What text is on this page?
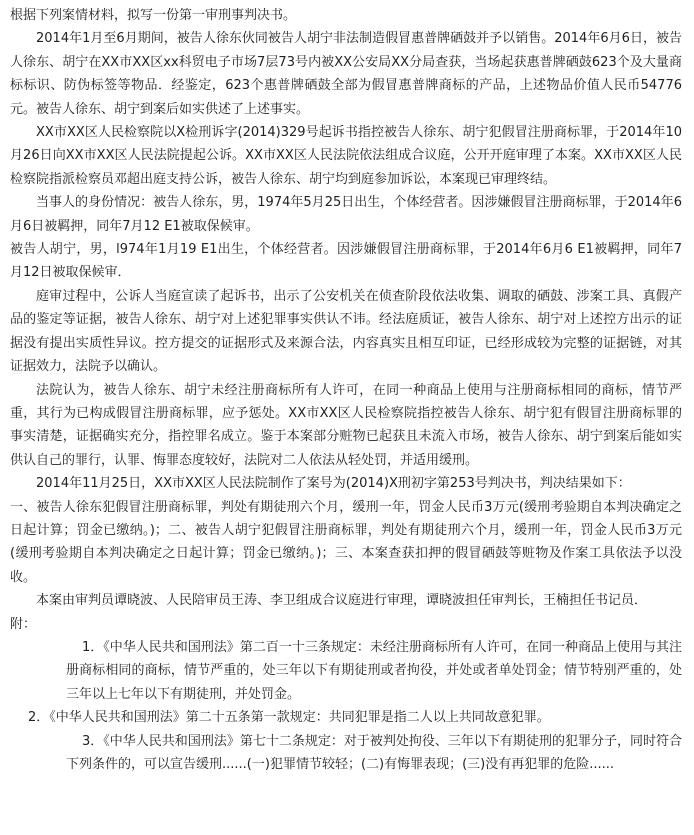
根据下列案情材料，拟写一份第一审刑事判决书。

2014年1月至6月期间，被告人徐东伙同被告人胡宁非法制造假冒惠普牌硒鼓并予以销售。2014年6月6日，被告人徐东、胡宁在XX市XX区xx科贸电子市场7层73号内被XX公安局XX分局查获，当场起获惠普牌硒鼓623个及大量商标标识、防伪标签等物品．经鉴定，623个惠普牌硒鼓全部为假冒惠普牌商标的产品，上述物品价值人民币54776元。被告人徐东、胡宁到案后如实供述了上述事实。

XX市XX区人民检察院以X检刑诉字(2014)329号起诉书指控被告人徐东、胡宁犯假冒注册商标罪，于2014年10月26日向XX市XX区人民法院提起公诉。XX市XX区人民法院依法组成合议庭，公开开庭审理了本案。XX市XX区人民检察院指派检察员邓超出庭支持公诉，被告人徐东、胡宁均到庭参加诉讼，本案现已审理终结。

当事人的身份情况：被告人徐东，男，1974年5月25日出生，个体经营者。因涉嫌假冒注册商标罪，于2014年6月6日被羁押，同年7月12 E1被取保候审。

被告人胡宁，男，l974年1月19 E1出生，个体经营者。因涉嫌假冒注册商标罪，于2014年6月6 E1被羁押，同年7月12日被取保候审．

庭审过程中，公诉人当庭宣读了起诉书，出示了公安机关在侦查阶段依法收集、调取的硒鼓、涉案工具、真假产品的鉴定等证据，被告人徐东、胡宁对上述犯罪事实供认不讳。经法庭质证，被告人徐东、胡宁对上述控方出示的证据没有提出实质性异议。控方提交的证据形式及来源合法，内容真实且相互印证，已经形成较为完整的证据链，对其证据效力，法院予以确认。

法院认为，被告人徐东、胡宁未经注册商标所有人许可，在同一种商品上使用与注册商标相同的商标，情节严重，其行为已构成假冒注册商标罪，应予惩处。XX市XX区人民检察院指控被告人徐东、胡宁犯有假冒注册商标罪的事实清楚，证据确实充分，指控罪名成立。鉴于本案部分赃物已起获且未流入市场，被告人徐东、胡宁到案后能如实供认自己的罪行，认罪、悔罪态度较好，法院对二人依法从轻处罚，并适用缓刑。

2014年11月25日，XX市XX区人民法院制作了案号为(2014)X刑初字第253号判决书，判决结果如下：

一、被告人徐东犯假冒注册商标罪，判处有期徒刑六个月，缓刑一年，罚金人民币3万元(缓刑考验期自本判决确定之日起计算；罚金已缴纳。)；二、被告人胡宁犯假冒注册商标罪，判处有期徒刑六个月，缓刑一年，罚金人民币3万元(缓刑考验期自本判决确定之日起计算；罚金已缴纳。)；三、本案查获扣押的假冒硒鼓等赃物及作案工具依法予以没收。

本案由审判员谭晓波、人民陪审员王涛、李卫组成合议庭进行审理，谭晓波担任审判长，王楠担任书记员．

附：

1．《中华人民共和国刑法》第二百一十三条规定：未经注册商标所有人许可，在同一种商品上使用与其注册商标相同的商标，情节严重的，处三年以下有期徒刑或者拘役，并处或者单处罚金；情节特别严重的，处三年以上七年以下有期徒刑，并处罚金。

2．《中华人民共和国刑法》第二十五条第一款规定：共同犯罪是指二人以上共同故意犯罪。

3．《中华人民共和国刑法》第七十二条规定：对于被判处拘役、三年以下有期徒刑的犯罪分子，同时符合下列条件的，可以宣告缓刑......(一)犯罪情节较轻；(二)有悔罪表现；(三)没有再犯罪的危险......
